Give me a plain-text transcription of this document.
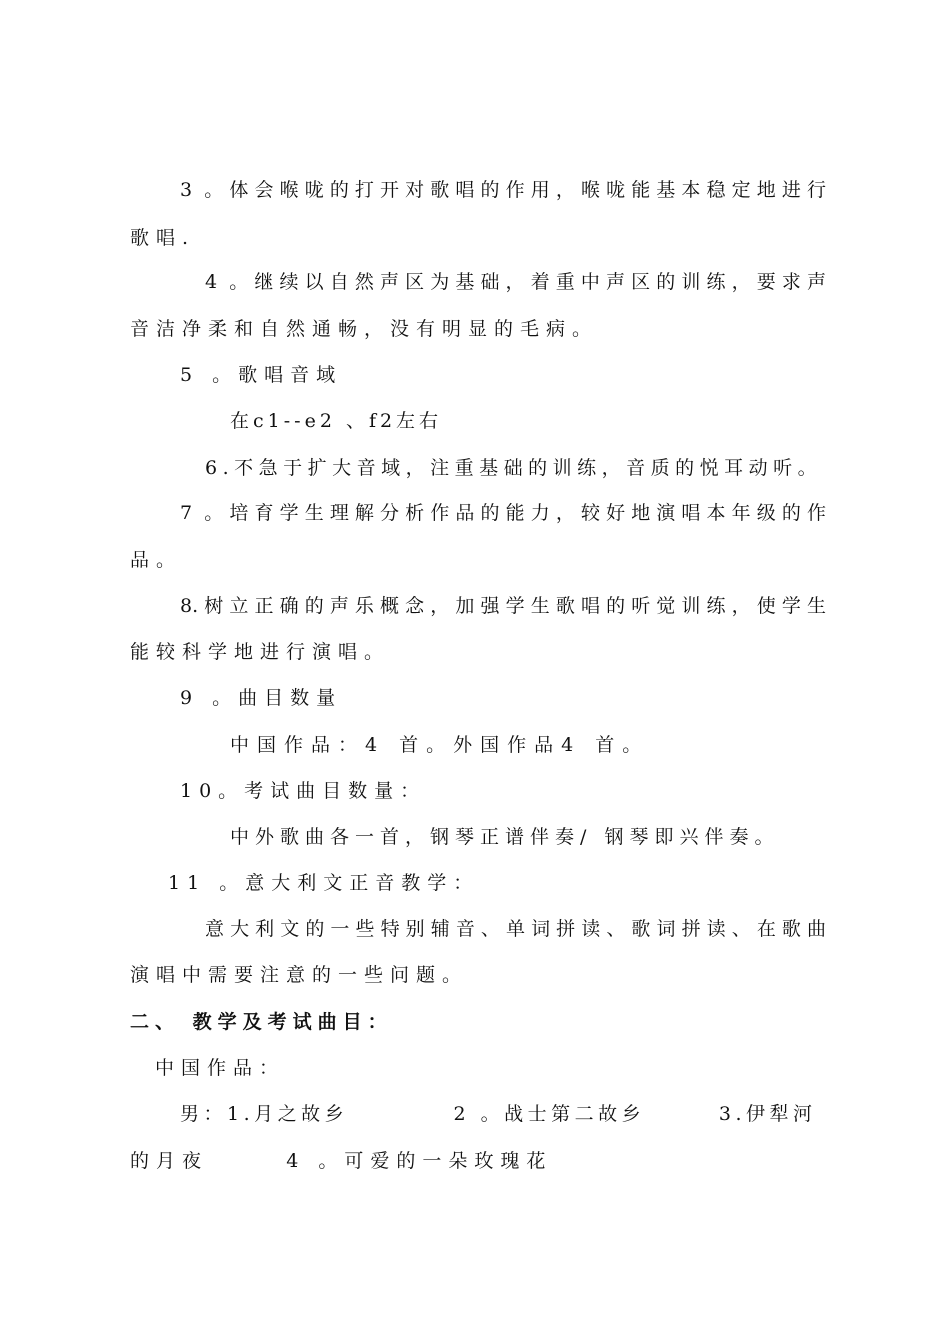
3 。体会喉咙的打开对歌唱的作用，喉咙能基本稳定地进行

歌唱.

4 。继续以自然声区为基础，着重中声区的训练，要求声

音洁净柔和自然通畅，没有明显的毛病。

5 。歌唱音域

在c1--e2 、f2左右

6.不急于扩大音域，注重基础的训练，音质的悦耳动听。

7 。培育学生理解分析作品的能力，较好地演唱本年级的作

品。

8.树立正确的声乐概念，加强学生歌唱的听觉训练，使学生

能较科学地进行演唱。

9 。曲目数量

中国作品：4 首。外国作品4 首。

10。考试曲目数量：

中外歌曲各一首，钢琴正谱伴奏/ 钢琴即兴伴奏。

11 。意大利文正音教学：

意大利文的一些特别辅音、单词拼读、歌词拼读、在歌曲

演唱中需要注意的一些问题。

二、 教学及考试曲目：

中国作品：

男：1.月之故乡          2 。战士第二故乡       3.伊犁河

的月夜      4 。可爱的一朵玫瑰花
